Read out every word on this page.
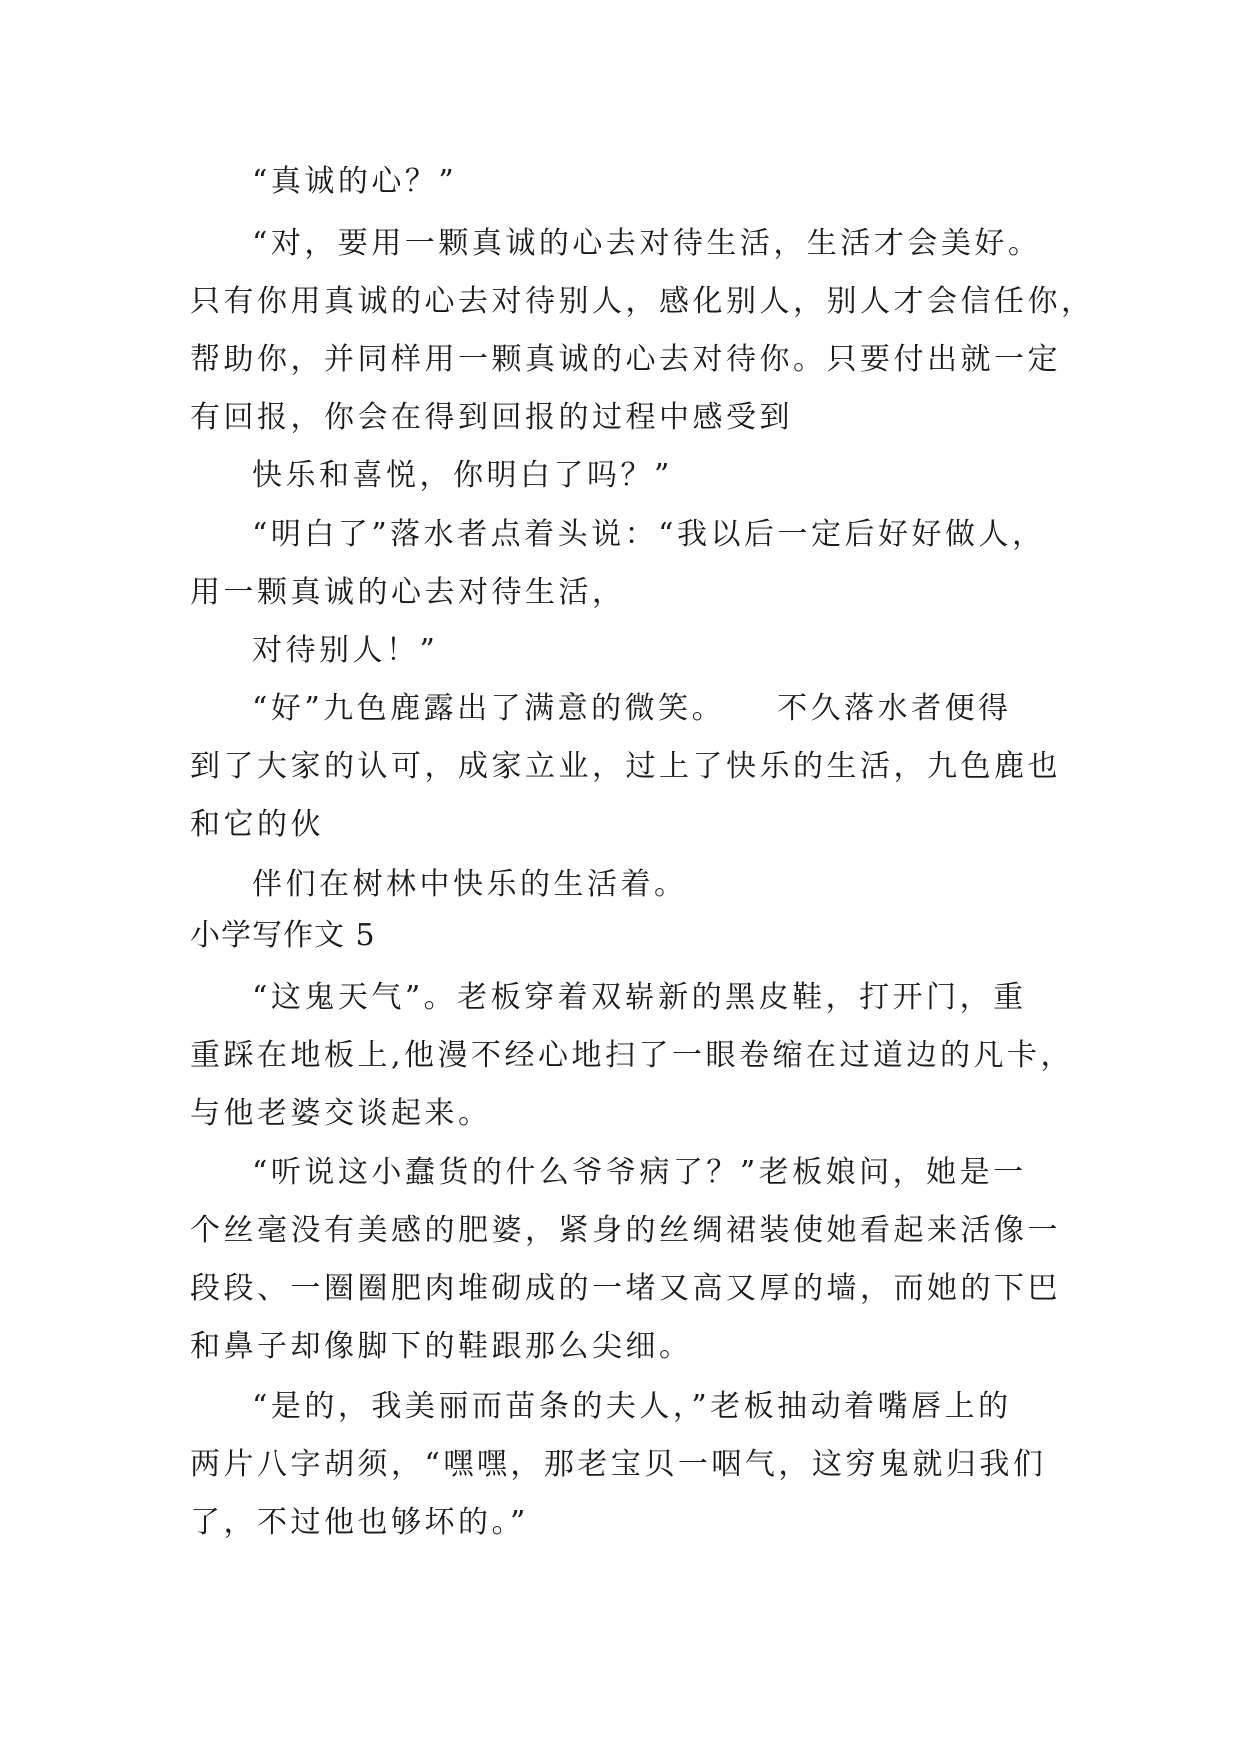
“真诚的心？”
“对，要用一颗真诚的心去对待生活，生活才会美好。
只有你用真诚的心去对待别人，感化别人，别人才会信任你，
帮助你，并同样用一颗真诚的心去对待你。只要付出就一定
有回报，你会在得到回报的过程中感受到
快乐和喜悦，你明白了吗？”
“明白了”落水者点着头说：“我以后一定后好好做人，
用一颗真诚的心去对待生活，
对待别人！”
“好”九色鹿露出了满意的微笑。　　不久落水者便得
到了大家的认可，成家立业，过上了快乐的生活，九色鹿也
和它的伙
伴们在树林中快乐的生活着。
小学写作文 5
“这鬼天气”。老板穿着双崭新的黑皮鞋，打开门，重
重踩在地板上,他漫不经心地扫了一眼卷缩在过道边的凡卡，
与他老婆交谈起来。
“听说这小蠢货的什么爷爷病了？”老板娘问，她是一
个丝毫没有美感的肥婆，紧身的丝绸裙装使她看起来活像一
段段、一圈圈肥肉堆砌成的一堵又高又厚的墙，而她的下巴
和鼻子却像脚下的鞋跟那么尖细。
“是的，我美丽而苗条的夫人，”老板抽动着嘴唇上的
两片八字胡须，“嘿嘿，那老宝贝一咽气，这穷鬼就归我们
了，不过他也够坏的。”
